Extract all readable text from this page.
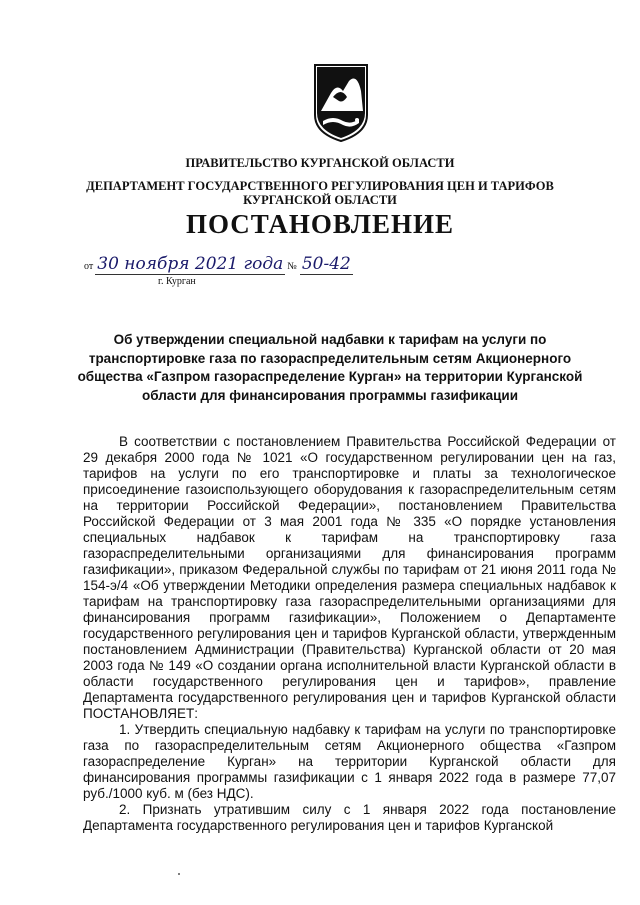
ПРАВИТЕЛЬСТВО КУРГАНСКОЙ ОБЛАСТИ
ДЕПАРТАМЕНТ ГОСУДАРСТВЕННОГО РЕГУЛИРОВАНИЯ ЦЕН И ТАРИФОВ
КУРГАНСКОЙ ОБЛАСТИ
ПОСТАНОВЛЕНИЕ
от 30 ноября 2021 года № 50-42
г. Курган
Об утверждении специальной надбавки к тарифам на услуги по транспортировке газа по газораспределительным сетям Акционерного общества «Газпром газораспределение Курган» на территории Курганской области для финансирования программы газификации

В соответствии с постановлением Правительства Российской Федерации от 29 декабря 2000 года № 1021 «О государственном регулировании цен на газ, тарифов на услуги по его транспортировке и платы за технологическое присоединение газоиспользующего оборудования к газораспределительным сетям на территории Российской Федерации», постановлением Правительства Российской Федерации от 3 мая 2001 года № 335 «О порядке установления специальных надбавок к тарифам на транспортировку газа газораспределительными организациями для финансирования программ газификации», приказом Федеральной службы по тарифам от 21 июня 2011 года № 154-э/4 «Об утверждении Методики определения размера специальных надбавок к тарифам на транспортировку газа газораспределительными организациями для финансирования программ газификации», Положением о Департаменте государственного регулирования цен и тарифов Курганской области, утвержденным постановлением Администрации (Правительства) Курганской области от 20 мая 2003 года № 149 «О создании органа исполнительной власти Курганской области в области государственного регулирования цен и тарифов», правление Департамента государственного регулирования цен и тарифов Курганской области ПОСТАНОВЛЯЕТ:

1. Утвердить специальную надбавку к тарифам на услуги по транспортировке газа по газораспределительным сетям Акционерного общества «Газпром газораспределение Курган» на территории Курганской области для финансирования программы газификации с 1 января 2022 года в размере 77,07 руб./1000 куб. м (без НДС).

2. Признать утратившим силу с 1 января 2022 года постановление Департамента государственного регулирования цен и тарифов Курганской
